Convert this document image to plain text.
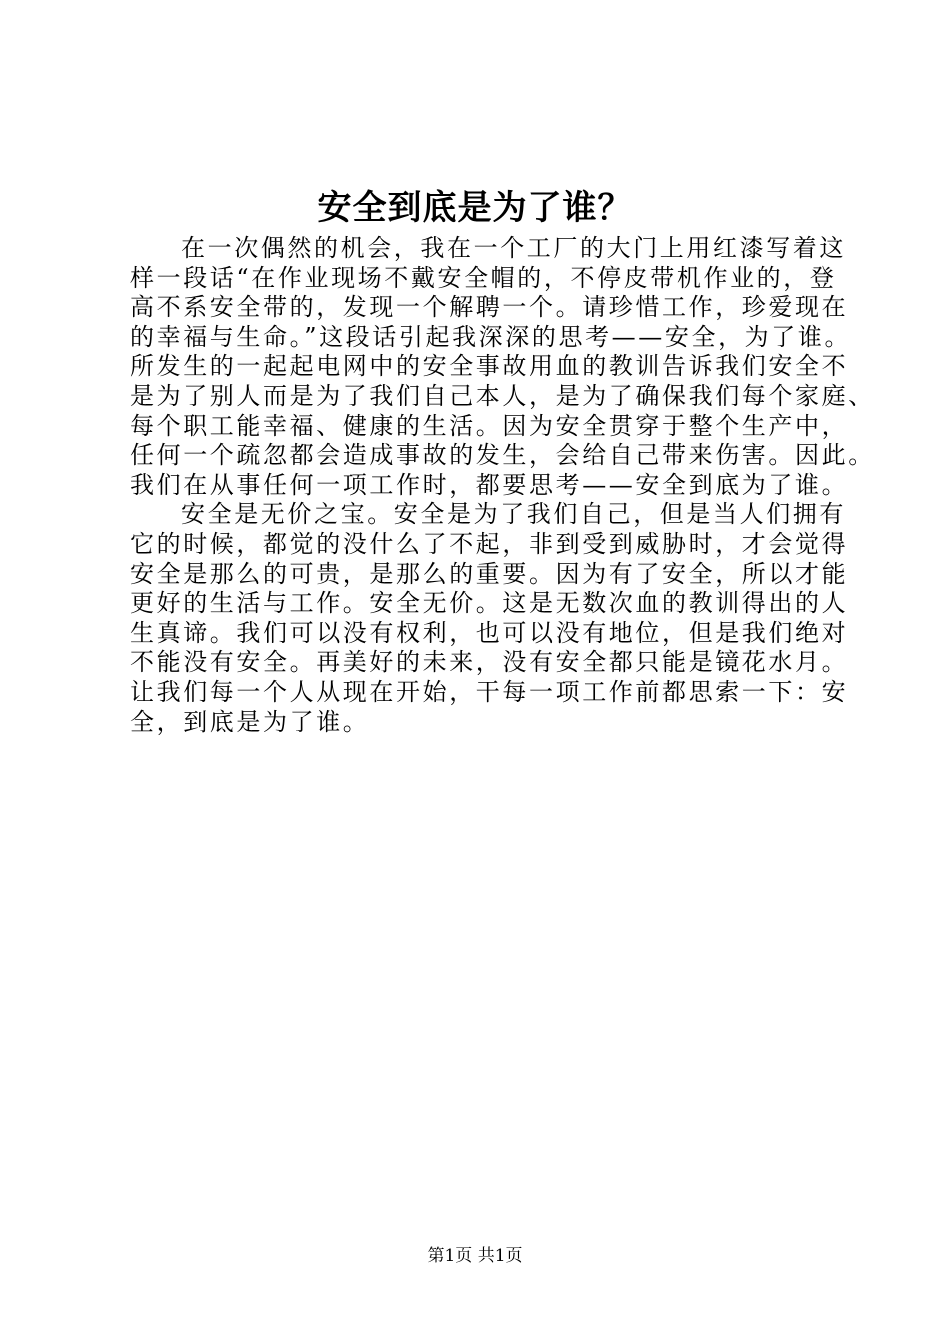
安全到底是为了谁？
在一次偶然的机会，我在一个工厂的大门上用红漆写着这
样一段话“在作业现场不戴安全帽的，不停皮带机作业的，登
高不系安全带的，发现一个解聘一个。请珍惜工作，珍爱现在
的幸福与生命。”这段话引起我深深的思考——安全，为了谁。
所发生的一起起电网中的安全事故用血的教训告诉我们安全不
是为了别人而是为了我们自己本人，是为了确保我们每个家庭、
每个职工能幸福、健康的生活。因为安全贯穿于整个生产中，
任何一个疏忽都会造成事故的发生，会给自己带来伤害。因此。
我们在从事任何一项工作时，都要思考——安全到底为了谁。
安全是无价之宝。安全是为了我们自己，但是当人们拥有
它的时候，都觉的没什么了不起，非到受到威胁时，才会觉得
安全是那么的可贵，是那么的重要。因为有了安全，所以才能
更好的生活与工作。安全无价。这是无数次血的教训得出的人
生真谛。我们可以没有权利，也可以没有地位，但是我们绝对
不能没有安全。再美好的未来，没有安全都只能是镜花水月。
让我们每一个人从现在开始，干每一项工作前都思索一下：安
全，到底是为了谁。
第1页 共1页
